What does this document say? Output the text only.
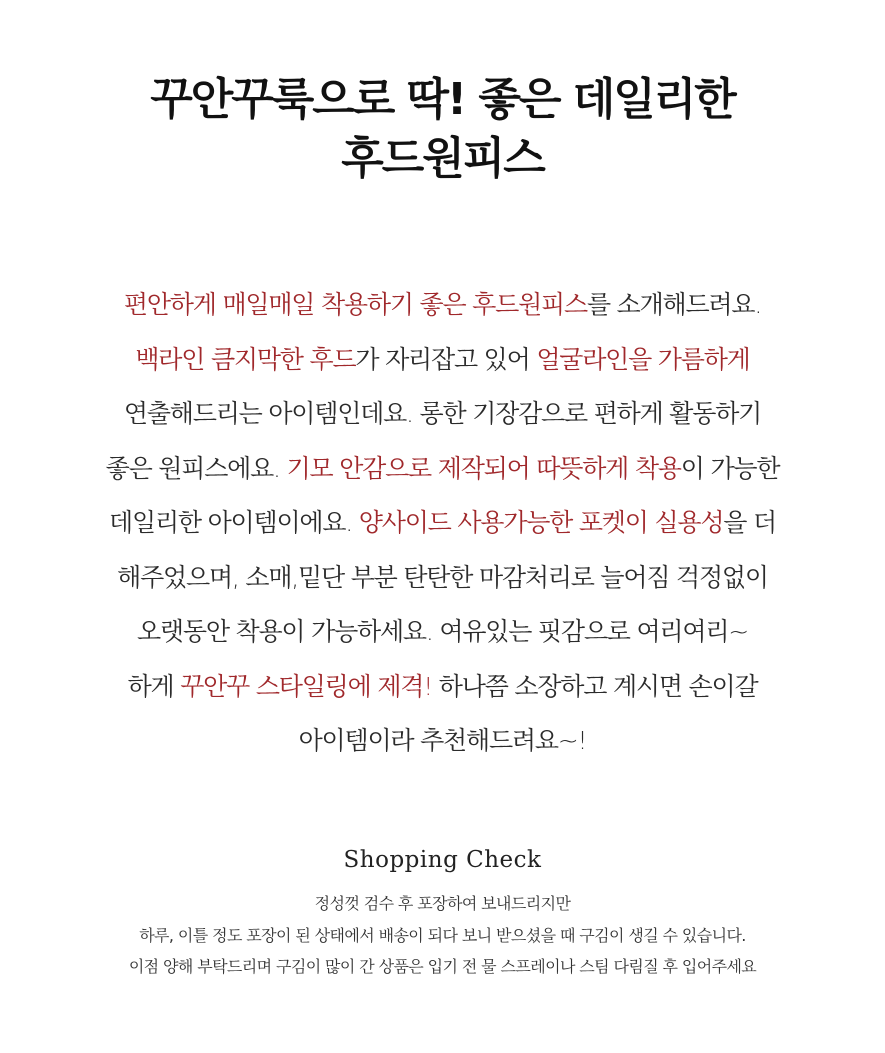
꾸안꾸룩으로 딱! 좋은 데일리한
후드원피스
편안하게 매일매일 착용하기 좋은 후드원피스를 소개해드려요.
백라인 큼지막한 후드가 자리잡고 있어 얼굴라인을 가름하게
연출해드리는 아이템인데요. 롱한 기장감으로 편하게 활동하기
좋은 원피스에요. 기모 안감으로 제작되어 따뜻하게 착용이 가능한
데일리한 아이템이에요. 양사이드 사용가능한 포켓이 실용성을 더
해주었으며, 소매,밑단 부분 탄탄한 마감처리로 늘어짐 걱정없이
오랫동안 착용이 가능하세요. 여유있는 핏감으로 여리여리~
하게 꾸안꾸 스타일링에 제격! 하나쯤 소장하고 계시면 손이갈
아이템이라 추천해드려요~!
Shopping Check
정성껏 검수 후 포장하여 보내드리지만
하루, 이틀 정도 포장이 된 상태에서 배송이 되다 보니 받으셨을 때 구김이 생길 수 있습니다.
이점 양해 부탁드리며 구김이 많이 간 상품은 입기 전 물 스프레이나 스팀 다림질 후 입어주세요
